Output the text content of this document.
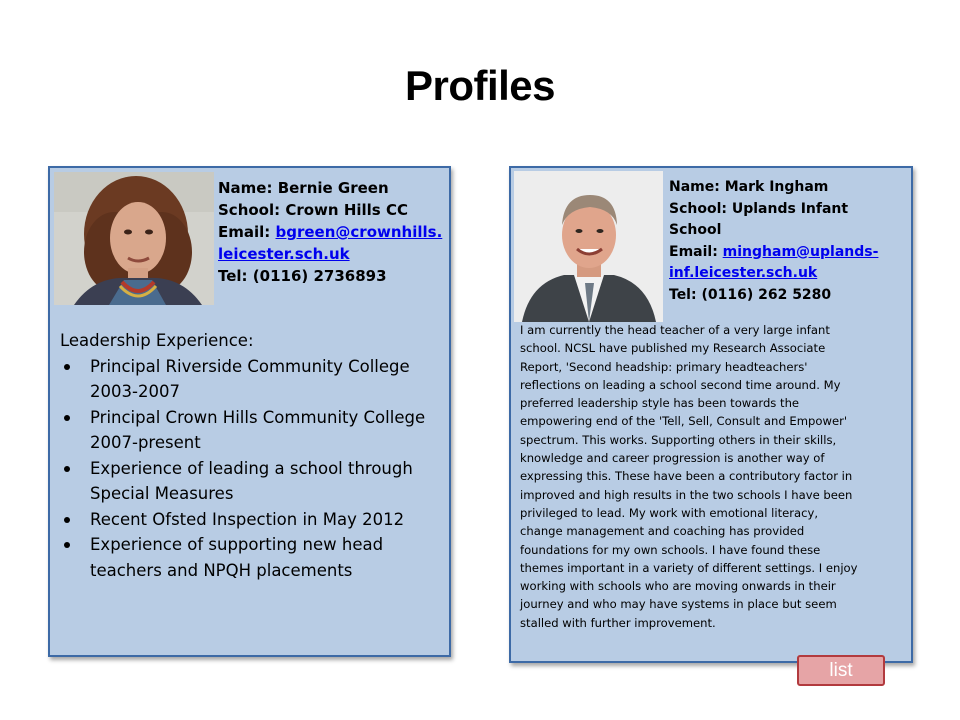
Profiles
Name: Bernie Green
School: Crown Hills CC
Email: bgreen@crownhills.
leicester.sch.uk
Tel: (0116) 2736893
Leadership Experience:
Principal Riverside Community College
2003-2007
Principal Crown Hills Community College
2007-present
Experience of leading a school through
Special Measures
Recent Ofsted Inspection in May 2012
Experience of supporting new head
teachers and NPQH placements
Name: Mark Ingham
School: Uplands Infant
School
Email: mingham@uplands-
inf.leicester.sch.uk
Tel: (0116) 262 5280
I am currently the head teacher of a very large infant
school. NCSL have published my Research Associate
Report, 'Second headship: primary headteachers'
reflections on leading a school second time around. My
preferred leadership style has been towards the
empowering end of the 'Tell, Sell, Consult and Empower'
spectrum. This works. Supporting others in their skills,
knowledge and career progression is another way of
expressing this. These have been a contributory factor in
improved and high results in the two schools I have been
privileged to lead. My work with emotional literacy,
change management and coaching has provided
foundations for my own schools. I have found these
themes important in a variety of different settings. I enjoy
working with schools who are moving onwards in their
journey and who may have systems in place but seem
stalled with further improvement.
list
